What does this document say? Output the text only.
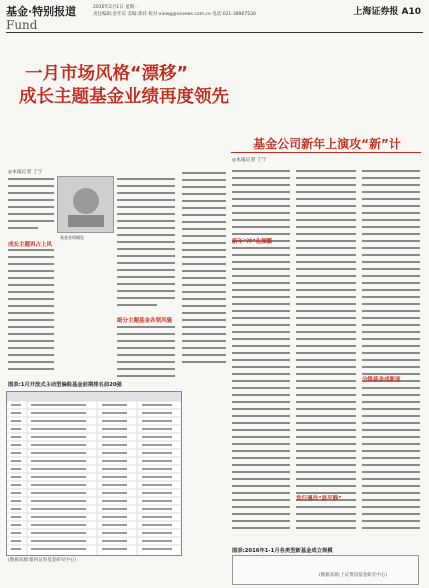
基金·特别报道
Fund
2016年2月1日 星期一
责任编辑:金年庆 美编:郑祥 校对:xiewg@ssnews.com.cn 电话:021-38967530	上海证券报 A10
一月市场风格“漂移”
成长主题基金业绩再度领先
◎本报记者 丁宁
基金业绩概览
成长主题再占上风
细分主题基金各领风骚
图表:1月开放式主动型偏股基金前期排名前20强
(数据来源:银河证券基金研究中心)
基金公司新年上演攻“新”计
◎本报记者 丁宁
新年“冲”化频繁
发行遇冷“显平静”
分级基金成新宠
图表:2016年1-1月各类型新基金成立规模
(数据来源:上证资讯基金研究中心)
